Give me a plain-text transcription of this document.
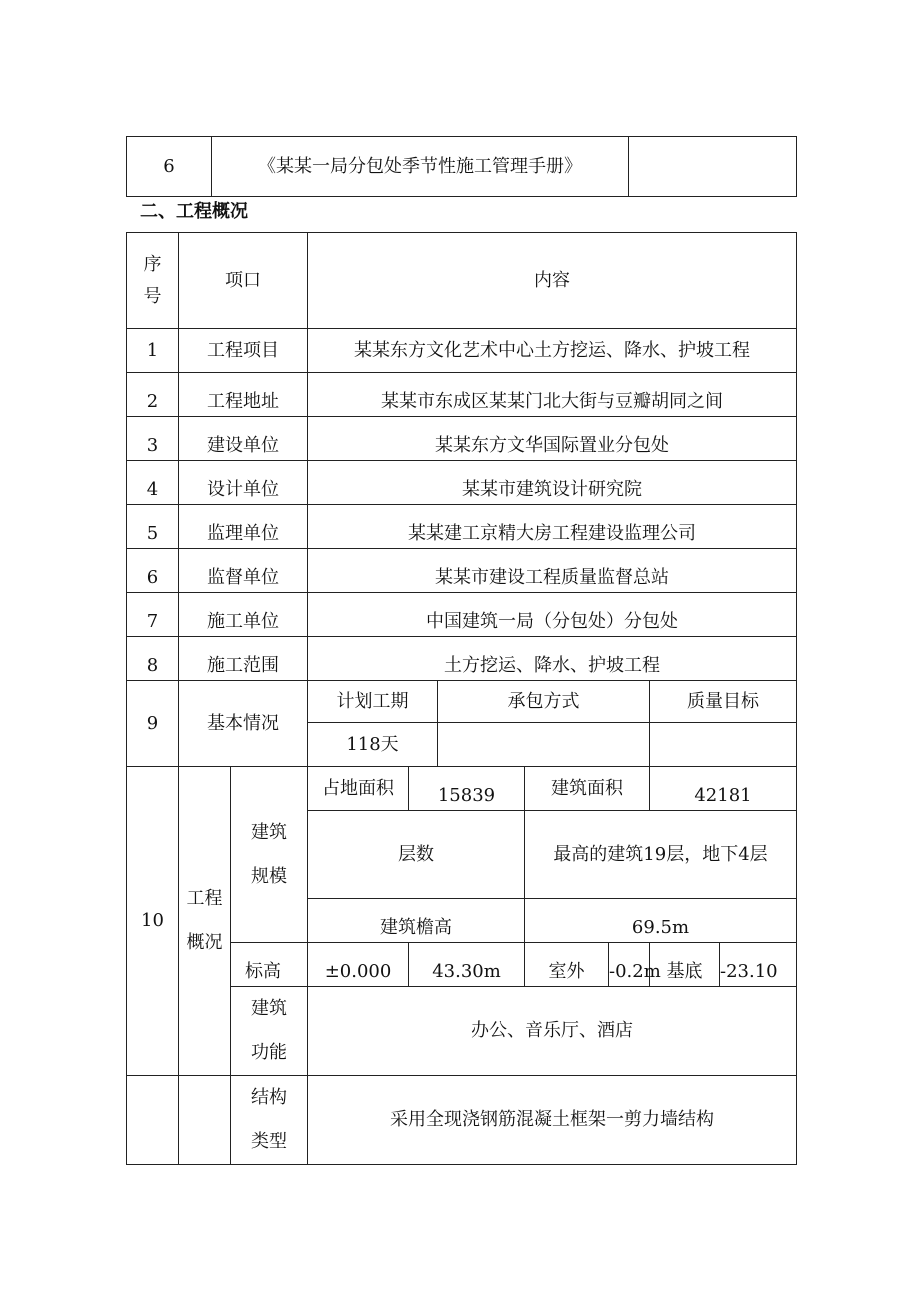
6	《某某一局分包处季节性施工管理手册》	
二、工程概况
序号	项口		内容						
1	工程项目		某某东方文化艺术中心土方挖运、降水、护坡工程						
2	工程地址		某某市东成区某某门北大街与豆瓣胡同之间						
3	建设单位		某某东方文华国际置业分包处						
4	设计单位		某某市建筑设计研究院						
5	监理单位		某某建工京精大房工程建设监理公司						
6	监督单位		某某市建设工程质量监督总站						
7	施工单位		中国建筑一局（分包处）分包处						
8	施工范围		土方挖运、降水、护坡工程						
9	基本情况		计划工期		承包方式			质量目标	
			118天						
10	工程概况	建筑规模	占地面积	15839		建筑面积		42181	
			层数			最高的建筑19层，地下4层			
			建筑檐高			69.5m			
		标高	±0.000	43.30m		室外	-0.2m	基底	-23.10
		建筑功能	办公、音乐厅、酒店						
		结构类型	采用全现浇钢筋混凝土框架一剪力墙结构						
